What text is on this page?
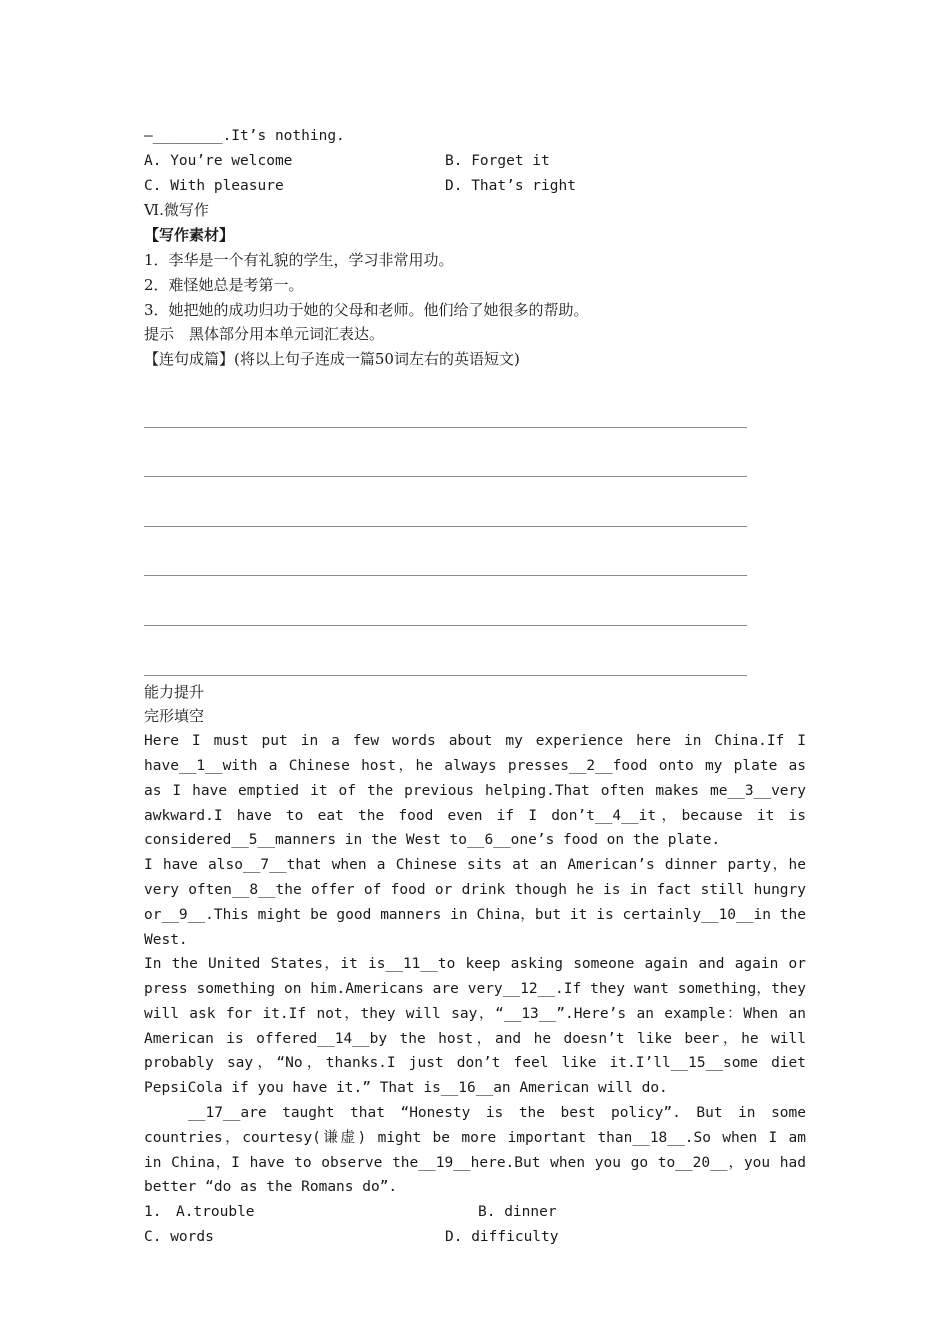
—________.It’s nothing.
A. You’re welcome	B. Forget it
C. With pleasure	D. That’s right
Ⅵ.微写作
【写作素材】
1．李华是一个有礼貌的学生，学习非常用功。
2．难怪她总是考第一。
3．她把她的成功归功于她的父母和老师。他们给了她很多的帮助。
提示　黑体部分用本单元词汇表达。
【连句成篇】(将以上句子连成一篇50词左右的英语短文)
能力提升
完形填空
Here I must put in a few words about my experience here in China.If I
have__1__with a Chinese host，he always presses__2__food onto my plate as
as I have emptied it of the previous helping.That often makes me__3__very
awkward.I have to eat the food even if I don’t__4__it，because it is
considered__5__manners in the West to__6__one’s food on the plate.
I have also__7__that when a Chinese sits at an American’s dinner party，he
very often__8__the offer of food or drink though he is in fact still hungry
or__9__.This might be good manners in China，but it is certainly__10__in the
West.
In the United States，it is__11__to keep asking someone again and again or
press something on him.Americans are very__12__.If they want something，they
will ask for it.If not，they will say，“__13__”.Here’s an example：When an
American is offered__14__by the host，and he doesn’t like beer，he will
probably say，“No，thanks.I just don’t feel like it.I’ll__15__some diet
PepsiCola if you have it.” That is__16__an American will do.
__17__are taught that “Honesty is the best policy”. But in some
countries，courtesy(谦虚) might be more important than__18__.So when I am
in China，I have to observe the__19__here.But when you go to__20__，you had
better “do as the Romans do”.
1.　A.trouble	B. dinner
C. words	D. difficulty
